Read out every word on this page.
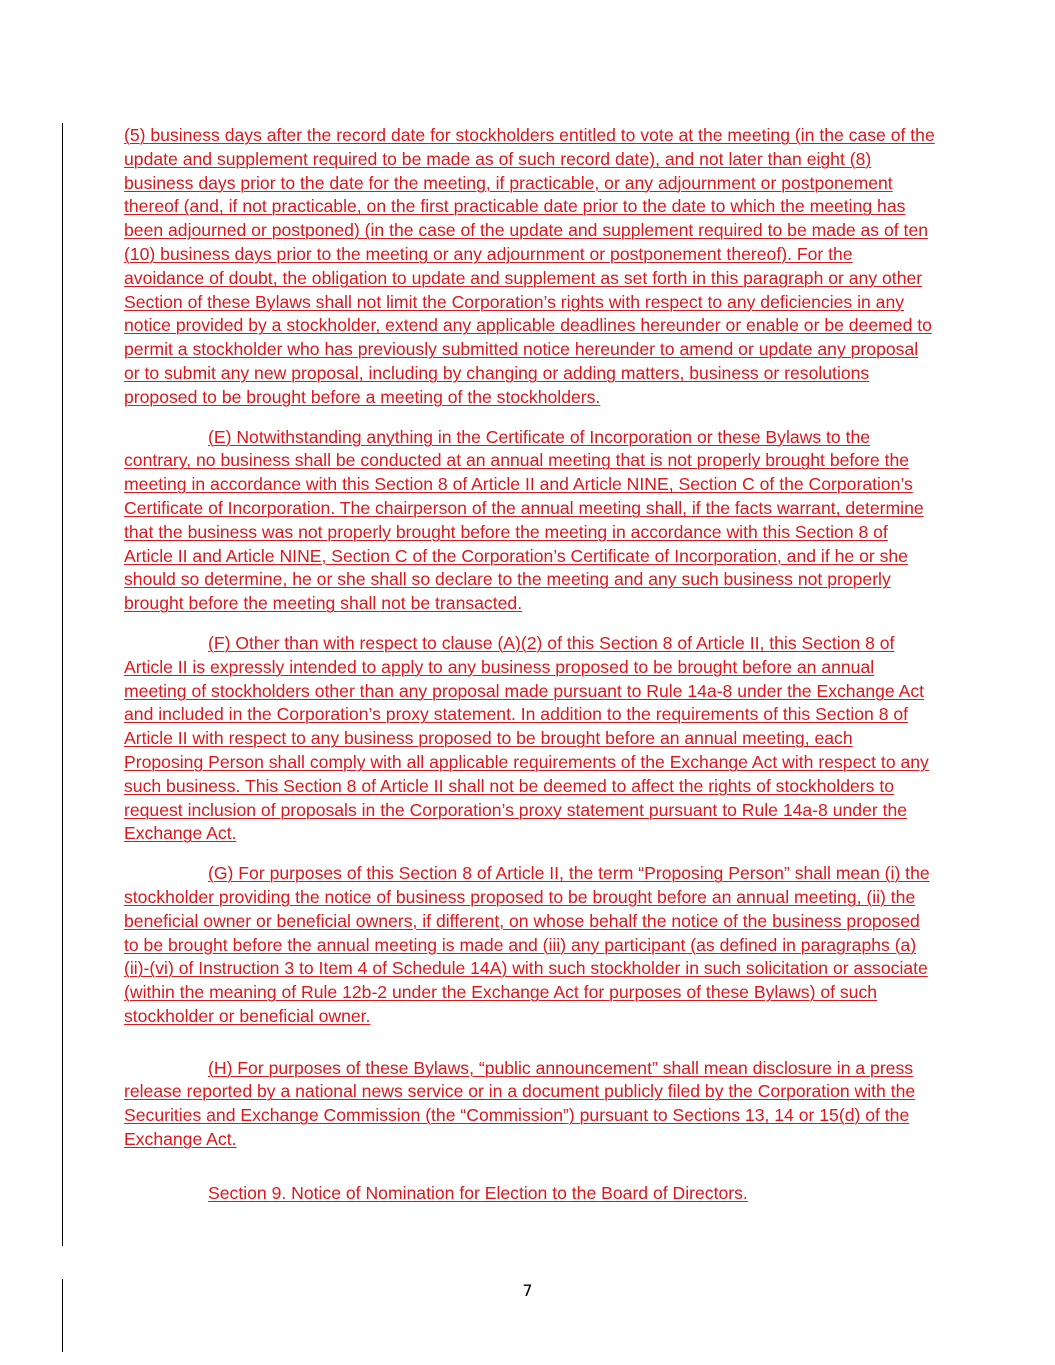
(5) business days after the record date for stockholders entitled to vote at the meeting (in the case of the update and supplement required to be made as of such record date), and not later than eight (8) business days prior to the date for the meeting, if practicable, or any adjournment or postponement thereof (and, if not practicable, on the first practicable date prior to the date to which the meeting has been adjourned or postponed) (in the case of the update and supplement required to be made as of ten (10) business days prior to the meeting or any adjournment or postponement thereof). For the avoidance of doubt, the obligation to update and supplement as set forth in this paragraph or any other Section of these Bylaws shall not limit the Corporation’s rights with respect to any deficiencies in any notice provided by a stockholder, extend any applicable deadlines hereunder or enable or be deemed to permit a stockholder who has previously submitted notice hereunder to amend or update any proposal or to submit any new proposal, including by changing or adding matters, business or resolutions proposed to be brought before a meeting of the stockholders.

(E) Notwithstanding anything in the Certificate of Incorporation or these Bylaws to the contrary, no business shall be conducted at an annual meeting that is not properly brought before the meeting in accordance with this Section 8 of Article II and Article NINE, Section C of the Corporation’s Certificate of Incorporation. The chairperson of the annual meeting shall, if the facts warrant, determine that the business was not properly brought before the meeting in accordance with this Section 8 of Article II and Article NINE, Section C of the Corporation’s Certificate of Incorporation, and if he or she should so determine, he or she shall so declare to the meeting and any such business not properly brought before the meeting shall not be transacted.

(F) Other than with respect to clause (A)(2) of this Section 8 of Article II, this Section 8 of Article II is expressly intended to apply to any business proposed to be brought before an annual meeting of stockholders other than any proposal made pursuant to Rule 14a-8 under the Exchange Act and included in the Corporation’s proxy statement. In addition to the requirements of this Section 8 of Article II with respect to any business proposed to be brought before an annual meeting, each Proposing Person shall comply with all applicable requirements of the Exchange Act with respect to any such business. This Section 8 of Article II shall not be deemed to affect the rights of stockholders to request inclusion of proposals in the Corporation’s proxy statement pursuant to Rule 14a-8 under the Exchange Act.

(G) For purposes of this Section 8 of Article II, the term “Proposing Person” shall mean (i) the stockholder providing the notice of business proposed to be brought before an annual meeting, (ii) the beneficial owner or beneficial owners, if different, on whose behalf the notice of the business proposed to be brought before the annual meeting is made and (iii) any participant (as defined in paragraphs (a)(ii)-(vi) of Instruction 3 to Item 4 of Schedule 14A) with such stockholder in such solicitation or associate (within the meaning of Rule 12b-2 under the Exchange Act for purposes of these Bylaws) of such stockholder or beneficial owner.

(H) For purposes of these Bylaws, “public announcement” shall mean disclosure in a press release reported by a national news service or in a document publicly filed by the Corporation with the Securities and Exchange Commission (the “Commission”) pursuant to Sections 13, 14 or 15(d) of the Exchange Act.

Section 9. Notice of Nomination for Election to the Board of Directors.

7
